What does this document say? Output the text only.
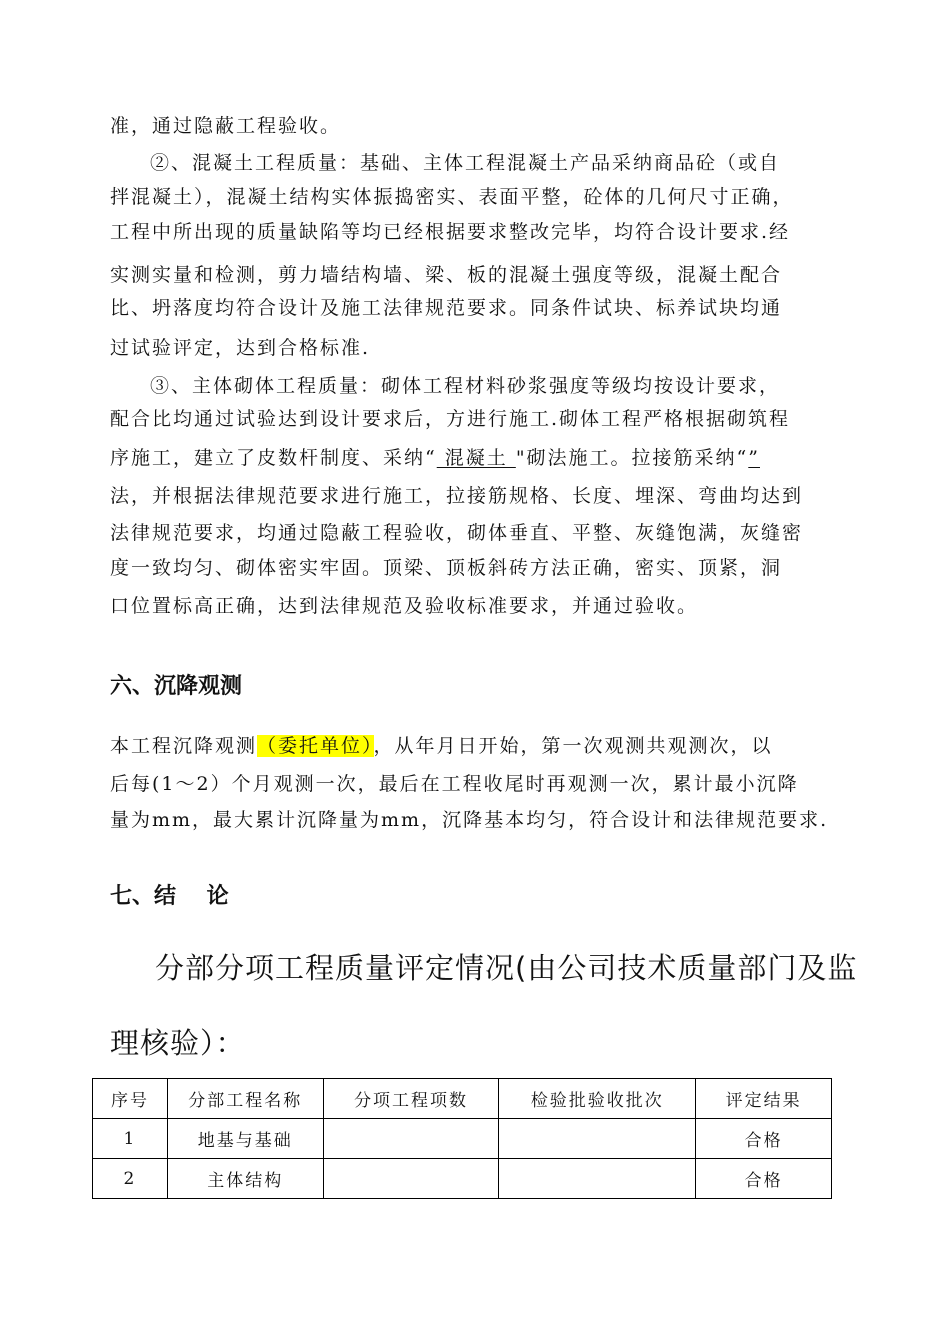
准，通过隐蔽工程验收。
②、混凝土工程质量：基础、主体工程混凝土产品采纳商品砼（或自
拌混凝土），混凝土结构实体振捣密实、表面平整，砼体的几何尺寸正确，
工程中所出现的质量缺陷等均已经根据要求整改完毕，均符合设计要求.经
实测实量和检测，剪力墙结构墙、梁、板的混凝土强度等级，混凝土配合
比、坍落度均符合设计及施工法律规范要求。同条件试块、标养试块均通
过试验评定，达到合格标准.
③、主体砌体工程质量：砌体工程材料砂浆强度等级均按设计要求，
配合比均通过试验达到设计要求后，方进行施工.砌体工程严格根据砌筑程
序施工，建立了皮数杆制度、采纳“ 混凝土 "砌法施工。拉接筋采纳“”
法，并根据法律规范要求进行施工，拉接筋规格、长度、埋深、弯曲均达到
法律规范要求，均通过隐蔽工程验收，砌体垂直、平整、灰缝饱满，灰缝密
度一致均匀、砌体密实牢固。顶梁、顶板斜砖方法正确，密实、顶紧，洞
口位置标高正确，达到法律规范及验收标准要求，并通过验收。
六、沉降观测
本工程沉降观测（委托单位），从年月日开始，第一次观测共观测次，以
后每(1～2）个月观测一次，最后在工程收尾时再观测一次，累计最小沉降
量为mm，最大累计沉降量为mm，沉降基本均匀，符合设计和法律规范要求.
七、结    论
分部分项工程质量评定情况(由公司技术质量部门及监
理核验）：
序号	分部工程名称	分项工程项数	检验批验收批次	评定结果
1	地基与基础			合格
2	主体结构			合格
